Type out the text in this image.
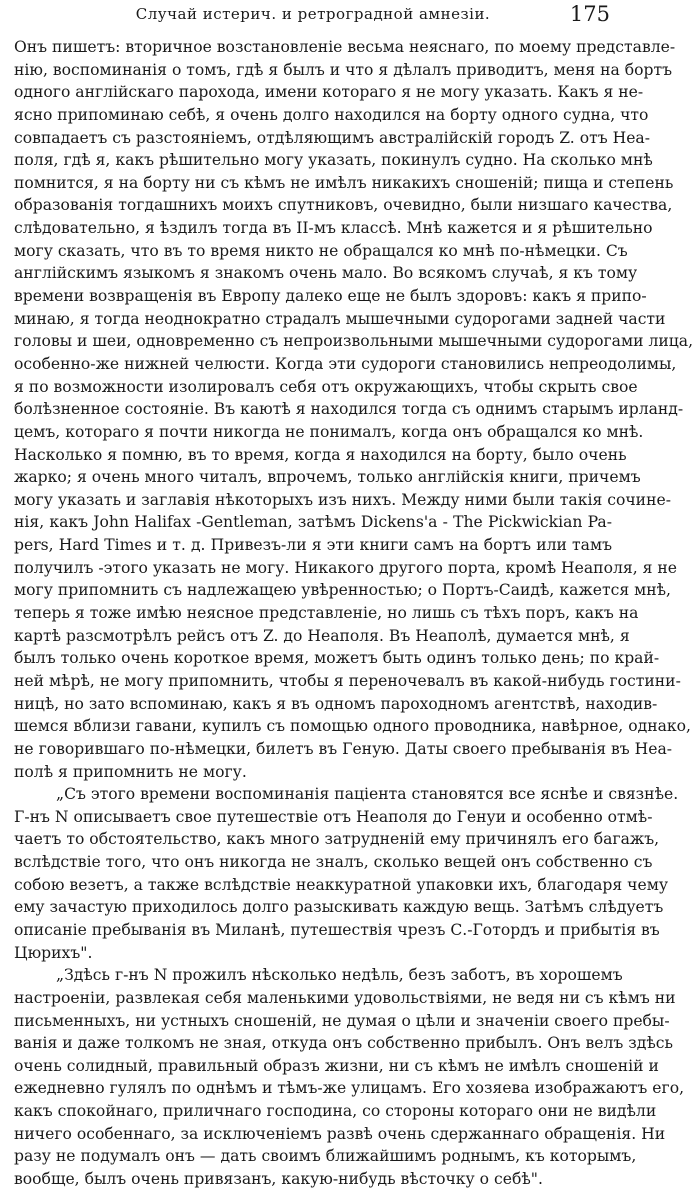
Случай истерич. и ретроградной амнезіи.	175
Онъ пишетъ: вторичное возстановленіе весьма неяснаго, по моему представле-
нію, воспоминанія о томъ, гдѣ я былъ и что я дѣлалъ приводитъ, меня на бортъ
одного англійскаго парохода, имени котораго я не могу указать. Какъ я не-
ясно припоминаю себѣ, я очень долго находился на борту одного судна, что
совпадаетъ съ разстояніемъ, отдѣляющимъ австралійскій городъ Z. отъ Неа-
поля, гдѣ я, какъ рѣшительно могу указать, покинулъ судно. На сколько мнѣ
помнится, я на борту ни съ кѣмъ не имѣлъ никакихъ сношеній; пища и степень
образованія тогдашнихъ моихъ спутниковъ, очевидно, были низшаго качества,
слѣдовательно, я ѣздилъ тогда въ II-мъ классѣ. Мнѣ кажется и я рѣшительно
могу сказать, что въ то время никто не обращался ко мнѣ по-нѣмецки. Съ
англійскимъ языкомъ я знакомъ очень мало. Во всякомъ случаѣ, я къ тому
времени возвращенія въ Европу далеко еще не былъ здоровъ: какъ я припо-
минаю, я тогда неоднократно страдалъ мышечными судорогами задней части
головы и шеи, одновременно съ непроизвольными мышечными судорогами лица,
особенно-же нижней челюсти. Когда эти судороги становились непреодолимы,
я по возможности изолировалъ себя отъ окружающихъ, чтобы скрыть свое
болѣзненное состояніе. Въ каютѣ я находился тогда съ однимъ старымъ ирланд-
цемъ, котораго я почти никогда не понималъ, когда онъ обращался ко мнѣ.
Насколько я помню, въ то время, когда я находился на борту, было очень
жарко; я очень много читалъ, впрочемъ, только англійскія книги, причемъ
могу указать и заглавія нѣкоторыхъ изъ нихъ. Между ними были такія сочине-
нія, какъ John Halifax -Gentleman, затѣмъ Dickens'a - The Pickwickian Pa-
pers, Hard Times и т. д. Привезъ-ли я эти книги самъ на бортъ или тамъ
получилъ -этого указать не могу. Никакого другого порта, кромѣ Неаполя, я не
могу припомнить съ надлежащею увѣренностью; о Портъ-Саидѣ, кажется мнѣ,
теперь я тоже имѣю неясное представленіе, но лишь съ тѣхъ поръ, какъ на
картѣ разсмотрѣлъ рейсъ отъ Z. до Неаполя. Въ Неаполѣ, думается мнѣ, я
былъ только очень короткое время, можетъ быть одинъ только день; по край-
ней мѣрѣ, не могу припомнить, чтобы я переночевалъ въ какой-нибудь гостини-
ницѣ, но зато вспоминаю, какъ я въ одномъ пароходномъ агентствѣ, находив-
шемся вблизи гавани, купилъ съ помощью одного проводника, навѣрное, однако,
не говорившаго по-нѣмецки, билетъ въ Геную. Даты своего пребыванія въ Неа-
полѣ я припомнить не могу.
„Съ этого времени воспоминанія пацiента становятся все яснѣе и связнѣе.
Г-нъ N описываетъ свое путешествіе отъ Неаполя до Генуи и особенно отмѣ-
чаетъ то обстоятельство, какъ много затрудненій ему причинялъ его багажъ,
вслѣдствіе того, что онъ никогда не зналъ, сколько вещей онъ собственно съ
собою везетъ, а также вслѣдствіе неаккуратной упаковки ихъ, благодаря чему
ему зачастую приходилось долго разыскивать каждую вещь. Затѣмъ слѣдуетъ
описаніе пребыванія въ Миланѣ, путешествія чрезъ С.-Готордъ и прибытія въ
Цюрихъ".
„Здѣсь г-нъ N прожилъ нѣсколько недѣль, безъ заботъ, въ хорошемъ
настроеніи, развлекая себя маленькими удовольствіями, не ведя ни съ кѣмъ ни
письменныхъ, ни устныхъ сношеній, не думая о цѣли и значеніи своего пребы-
ванія и даже толкомъ не зная, откуда онъ собственно прибылъ. Онъ велъ здѣсь
очень солидный, правильный образъ жизни, ни съ кѣмъ не имѣлъ сношеній и
ежедневно гулялъ по однѣмъ и тѣмъ-же улицамъ. Его хозяева изображаютъ его,
какъ спокойнаго, приличнаго господина, со стороны котораго они не видѣли
ничего особеннаго, за исключеніемъ развѣ очень сдержаннаго обращенія. Ни
разу не подумалъ онъ — дать своимъ ближайшимъ роднымъ, къ которымъ,
вообще, былъ очень привязанъ, какую-нибудь вѣсточку о себѣ".
